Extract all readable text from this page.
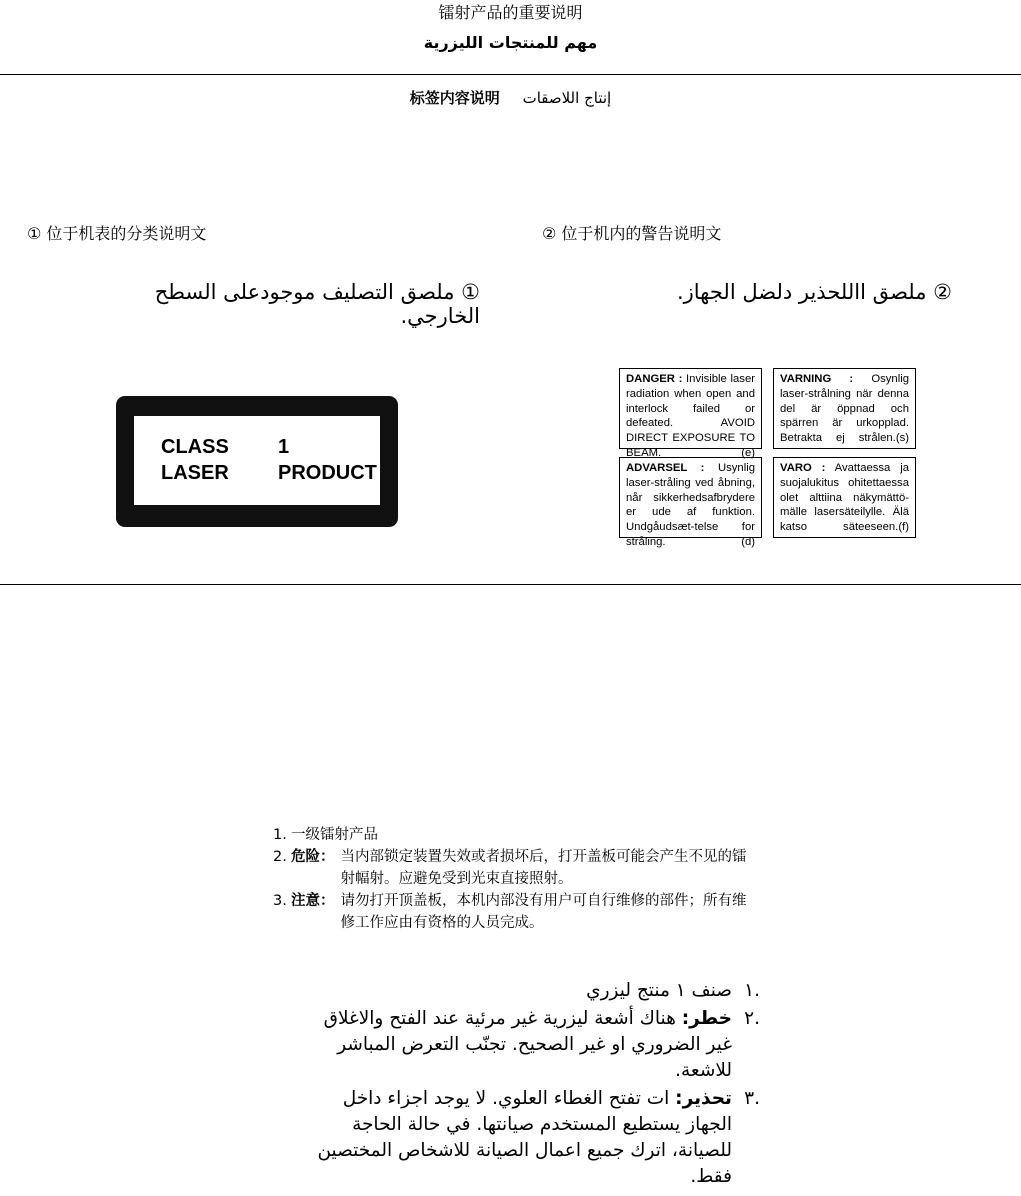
镭射产品的重要说明
مهم للمنتجات الليزرية
标签内容说明 إنتاج اللاصقات
① 位于机表的分类说明文	② 位于机内的警告说明文
① ملصق التصليف موجودعلى السطح الخارجي.
② ملصق االلحذير دلضل الجهاز.
CLASS 1
LASER PRODUCT
DANGER : Invisible laser radiation when open and interlock failed or defeated. AVOID DIRECT EXPOSURE TO BEAM.	(e)
VARNING : Osynlig laser-strålning när denna del är öppnad och spärren är urkopplad. Betrakta ej strålen. (s)
ADVARSEL : Usynlig laser-stråling ved åbning, når sikkerhedsafbrydere er ude af funktion. Undgåudsæt-telse for stråling.	(d)
VARO : Avattaessa ja suojalukitus ohitettaessa olet alttiina näkymättö-mälle lasersäteilylle. Älä katso säteeseen. (f)
1. 一级镭射产品
2. 危险： 当内部锁定装置失效或者损坏后，打开盖板可能会产生不见的镭射幅射。应避免受到光束直接照射。
3. 注意： 请勿打开顶盖板，本机内部没有用户可自行维修的部件；所有维修工作应由有资格的人员完成。
.١
صنف ١ منتج ليزري
.٢
خطر: هناك أشعة ليزرية غير مرئية عند الفتح والاغلاق غير الضروري او غير الصحيح. تجنّب التعرض المباشر للاشعة.
.٣
تحذير: ات تفتح الغطاء العلوي. لا يوجد اجزاء داخل الجهاز يستطيع المستخدم صيانتها. في حالة الحاجة للصيانة، اترك جميع اعمال الصيانة للاشخاص المختصين فقط.
